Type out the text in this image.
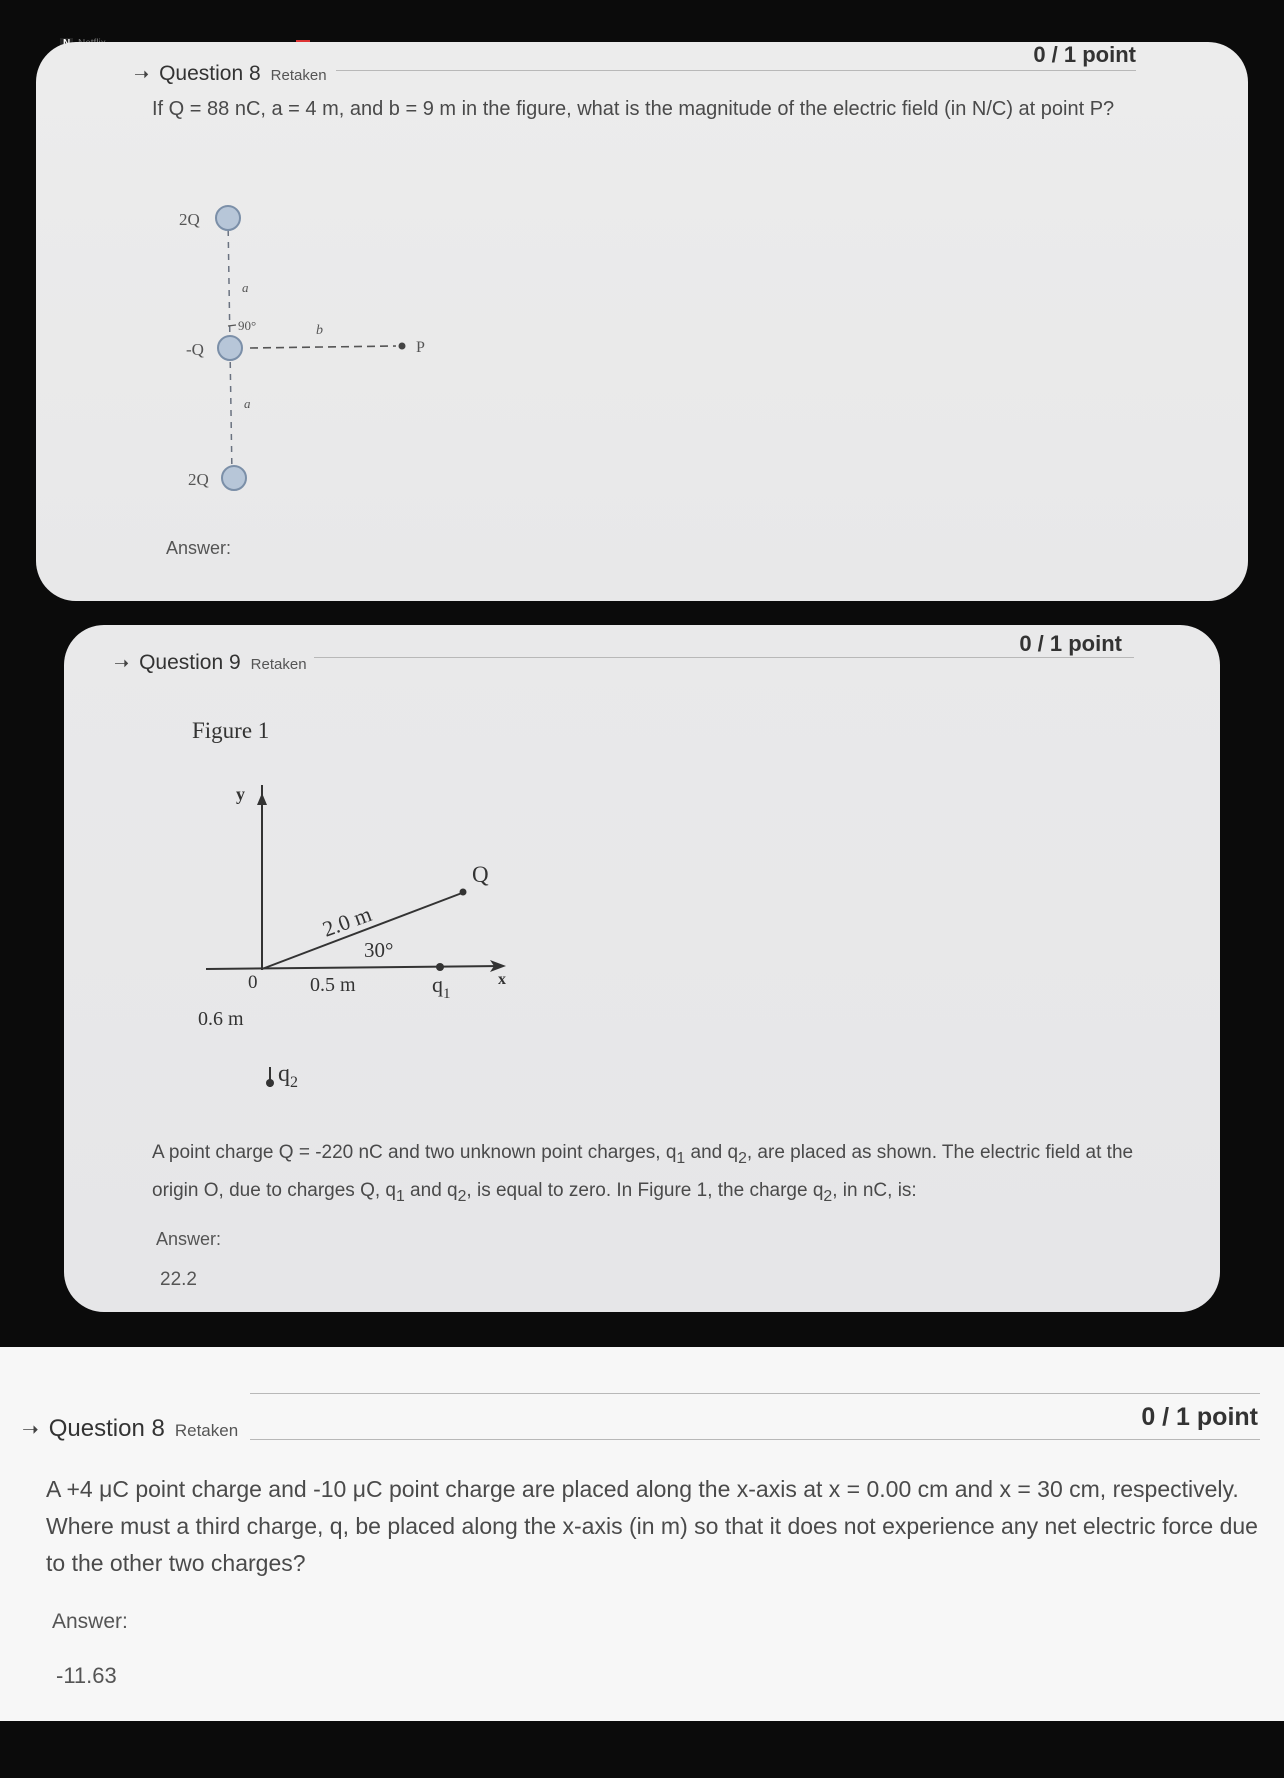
➝ Question 8 Retaken
0 / 1 point
If Q = 88 nC, a = 4 m, and b = 9 m in the figure, what is the magnitude of the electric field (in N/C) at point P?
2Q
-Q
2Q
a
a
90°	b
P
Answer:
➝ Question 9 Retaken
0 / 1 point
Figure 1
y
x
Q
2.0 m
30°
0	0.5 m	$q_1$
0.6 m
$q_2$
A point charge Q = -220 nC and two unknown point charges, $q_1$ and $q_2$, are placed as shown. The electric field at the origin O, due to charges Q, $q_1$ and $q_2$, is equal to zero. In Figure 1, the charge $q_2$, in nC, is:
Answer:
22.2
➝ Question 8 Retaken	0 / 1 point
A +4 μC point charge and -10 μC point charge are placed along the x-axis at x = 0.00 cm and x = 30 cm, respectively. Where must a third charge, q, be placed along the x-axis (in m) so that it does not experience any net electric force due to the other two charges?
Answer:
-11.63
